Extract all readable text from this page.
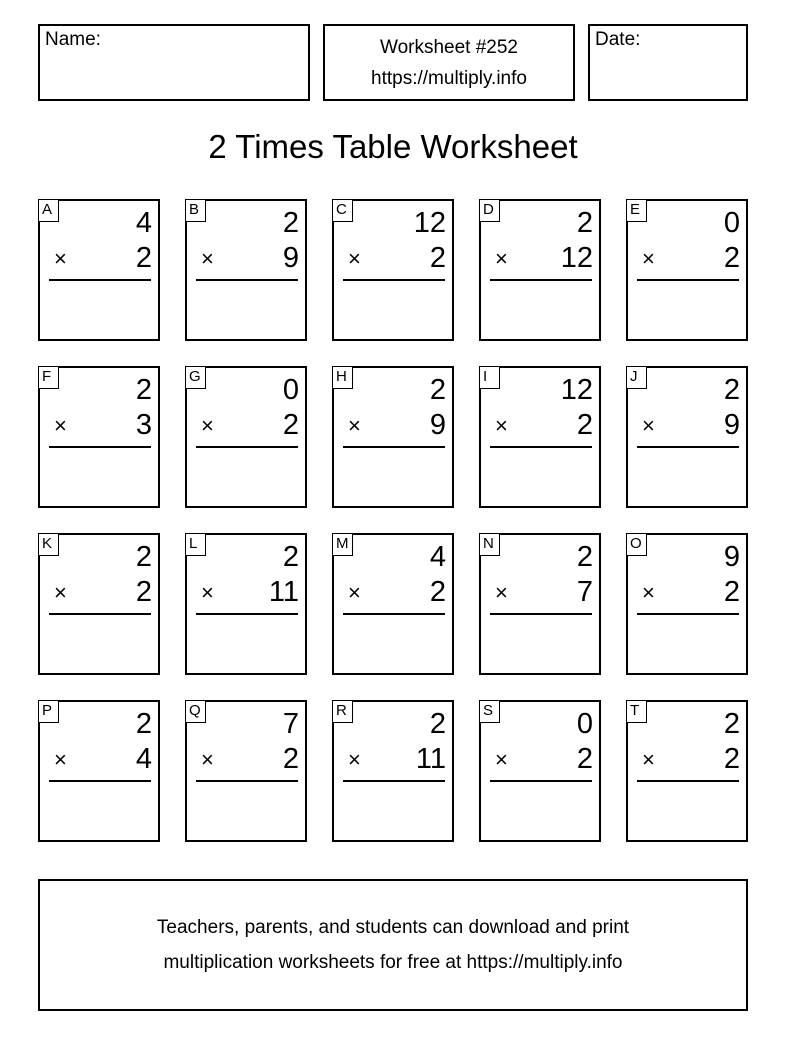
Name:	Worksheet #252
https://multiply.info
Date:
2 Times Table Worksheet
A	4
× 2
B	2
× 9
C 12
× 2
D	2
× 12
E	0
× 2
F	2
× 3
G	0
× 2
H	2
× 9
I	12
× 2
J	2
× 9
K	2
× 2
L	2
× 11
M	4
× 2
N	2
× 7
O	9
× 2
P	2
× 4
Q	7
× 2
R	2
× 11
S	0
× 2
T	2
× 2
Teachers, parents, and students can download and print
multiplication worksheets for free at https://multiply.info
